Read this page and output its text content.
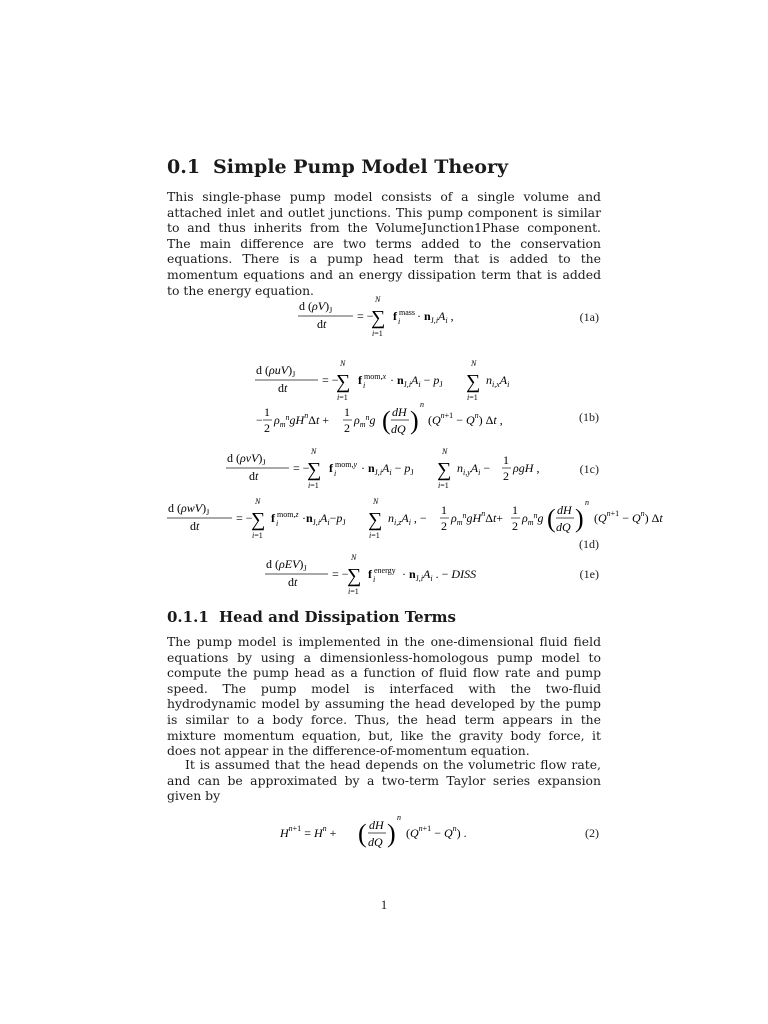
0.1 Simple Pump Model Theory

This single-phase pump model consists of a single volume and attached inlet and outlet junctions. This pump component is similar to and thus inherits from the VolumeJunction1Phase component. The main difference are two terms added to the conservation equations. There is a pump head term that is added to the momentum equations and an energy dissipation term that is added to the energy equation.

d $(\rho V)_J$
dt
= −
N
∑
i=1
f i
mass · $n_{J,i}A_i$ ,	(1a)
d $(\rho uV)_J$
dt
= −
N
∑
i=1
f i
$mom,x \cdot n_{J,i}A_i - p_J$
N
∑
i=1
$n_{i,x}A_i$
−
1
2
$\rho_m^ngH^n\Delta t$ +
1
2
$\rho_m^ng$ ( dH
dQ )
n
$(Q^{n+1} - Q^n)$ Δt ,	(1b)
d $(\rho vV)_J$
dt
= −
N
∑
i=1
f i
$mom,y \cdot n_{J,i}A_i - p_J$
N
∑
i=1
$n_{i,y}A_i$ −
1
2
ρgH ,	(1c)
d $(\rho wV)_J$
dt
= −
N
∑
i=1
f i
$mom,z \cdot n_{J,i}A_i-p_J$
N
∑
i=1
$n_{i,z}A_i$ , −
1
2
$\rho_m^ngH^n\Delta t+$
1
2
$\rho_m^ng$ ( dH
dQ )
n
$(Q^{n+1} - Q^n)$ Δt
(1d)
d $(\rho EV)_J$
dt
= −
N
∑
i=1
f i
energy · $n_{J,i}A_i$ . − DISS	(1e)
0.1.1 Head and Dissipation Terms

The pump model is implemented in the one-dimensional fluid field equations by using a dimensionless-homologous pump model to compute the pump head as a function of fluid flow rate and pump speed. The pump model is interfaced with the two-fluid hydrodynamic model by assuming the head developed by the pump is similar to a body force. Thus, the head term appears in the mixture momentum equation, but, like the gravity body force, it does not appear in the difference-of-momentum equation.

It is assumed that the head depends on the volumetric flow rate, and can be approximated by a two-term Taylor series expansion given by

$H^{n+1} = H^n$ + ( dH
dQ )
n
$(Q^{n+1} - Q^n)$ .	(2)
1
